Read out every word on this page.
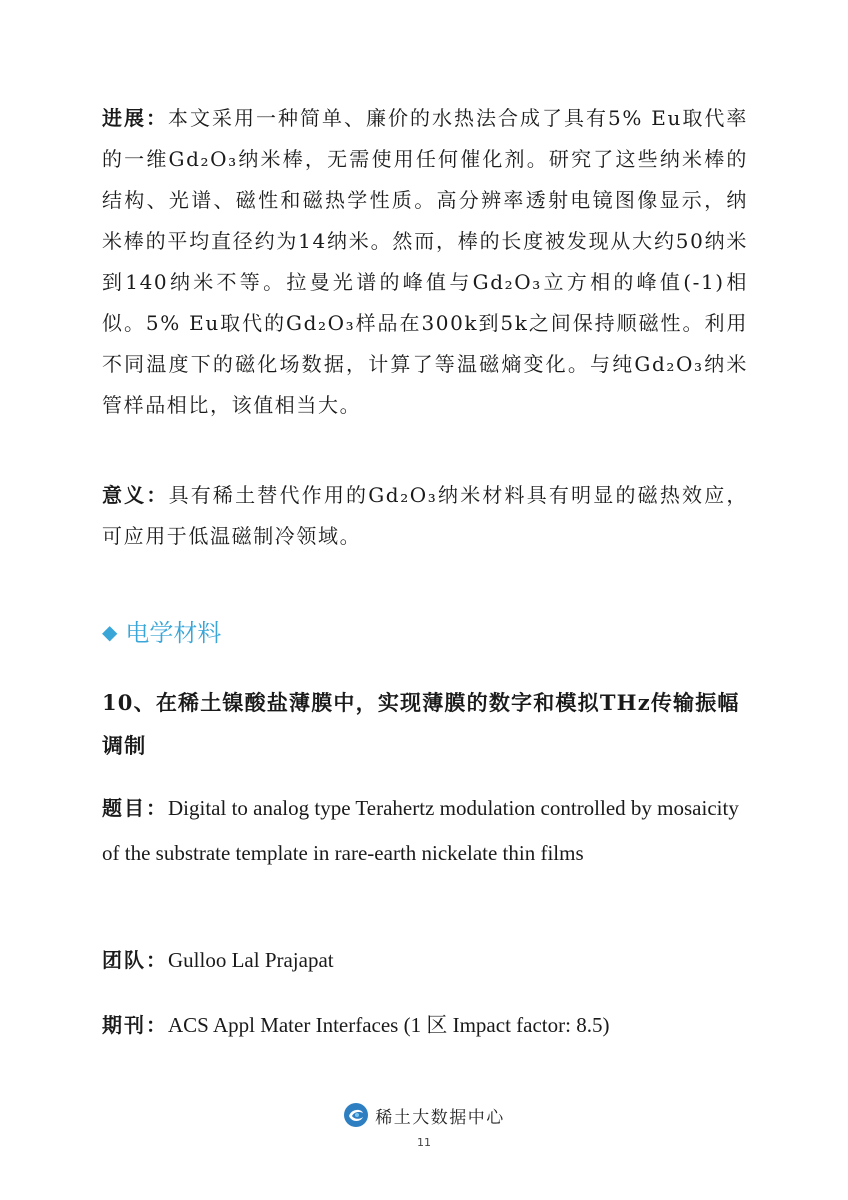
进展：本文采用一种简单、廉价的水热法合成了具有5% Eu取代率的一维Gd₂O₃纳米棒，无需使用任何催化剂。研究了这些纳米棒的结构、光谱、磁性和磁热学性质。高分辨率透射电镜图像显示，纳米棒的平均直径约为14纳米。然而，棒的长度被发现从大约50纳米到140纳米不等。拉曼光谱的峰值与Gd₂O₃立方相的峰值(-1)相似。5% Eu取代的Gd₂O₃样品在300k到5k之间保持顺磁性。利用不同温度下的磁化场数据，计算了等温磁熵变化。与纯Gd₂O₃纳米管样品相比，该值相当大。
意义：具有稀土替代作用的Gd₂O₃纳米材料具有明显的磁热效应，可应用于低温磁制冷领域。
◆ 电学材料
10、在稀土镍酸盐薄膜中，实现薄膜的数字和模拟THz传输振幅调制
题目：Digital to analog type Terahertz modulation controlled by mosaicity of the substrate template in rare-earth nickelate thin films
团队：Gulloo Lal Prajapat
期刊：ACS Appl Mater Interfaces (1 区 Impact factor: 8.5)
稀土大数据中心
11
